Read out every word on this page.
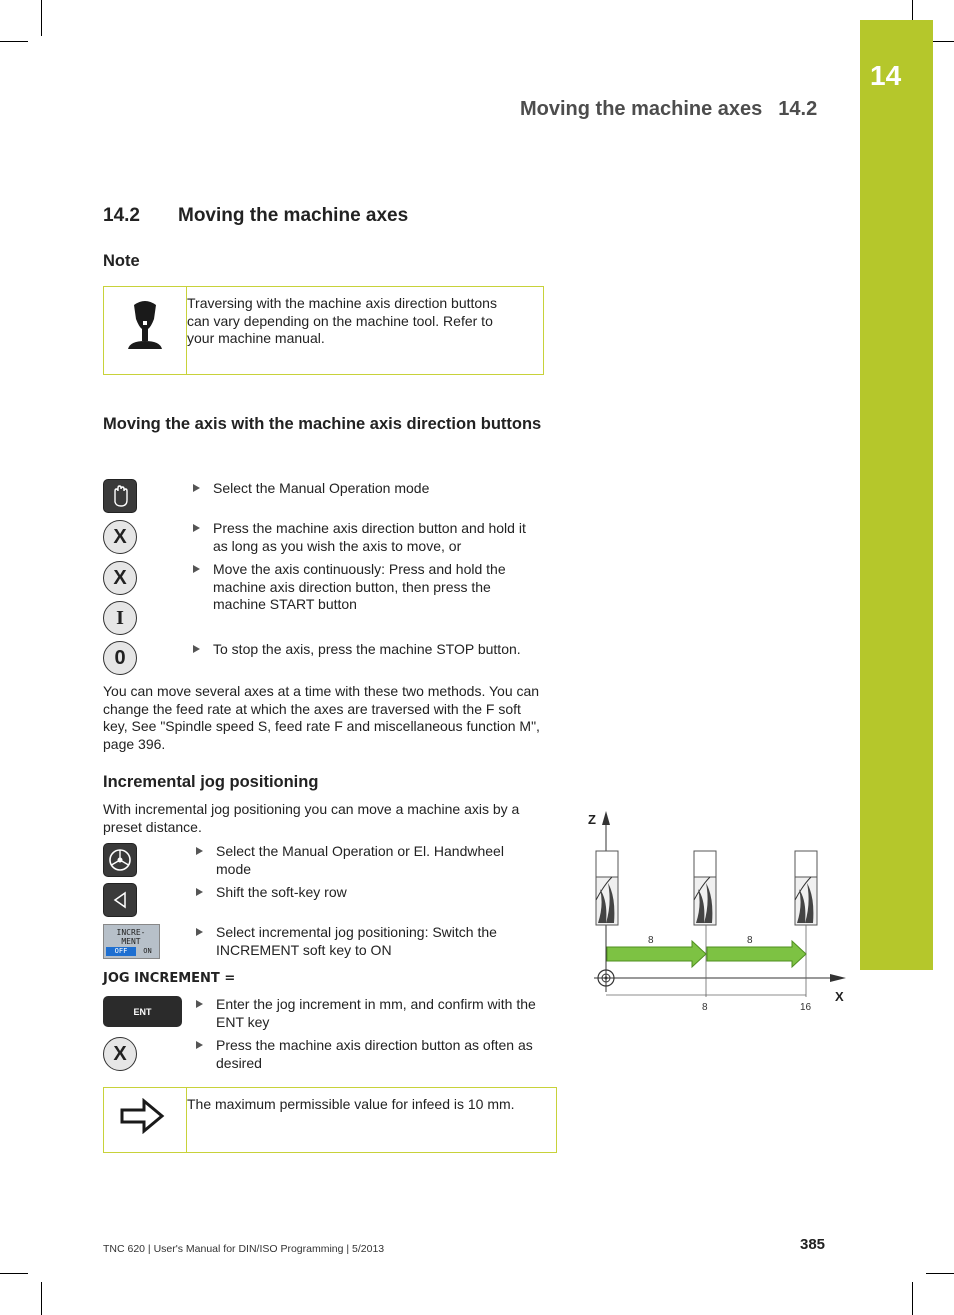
14
Moving the machine axes 14.2
14.2 Moving the machine axes
Note
Traversing with the machine axis direction buttons can vary depending on the machine tool. Refer to your machine manual.
Moving the axis with the machine axis direction buttons
Select the Manual Operation mode
X	Press the machine axis direction button and hold it as long as you wish the axis to move, or
X	Move the axis continuously: Press and hold the machine axis direction button, then press the machine START button
I
0	To stop the axis, press the machine STOP button.
You can move several axes at a time with these two methods. You can change the feed rate at which the axes are traversed with the F soft key, See "Spindle speed S, feed rate F and miscellaneous function M", page 396.
Incremental jog positioning
With incremental jog positioning you can move a machine axis by a preset distance.
Select the Manual Operation or El. Handwheel mode
Shift the soft-key row
INCRE-
MENT
OFF	ON
Select incremental jog positioning: Switch the INCREMENT soft key to ON
JOG INCREMENT =
ENT	Enter the jog increment in mm, and confirm with the ENT key
X	Press the machine axis direction button as often as desired
The maximum permissible value for infeed is 10 mm.
Z
X
8	8
8	16
TNC 620 | User's Manual for DIN/ISO Programming | 5/2013	385
